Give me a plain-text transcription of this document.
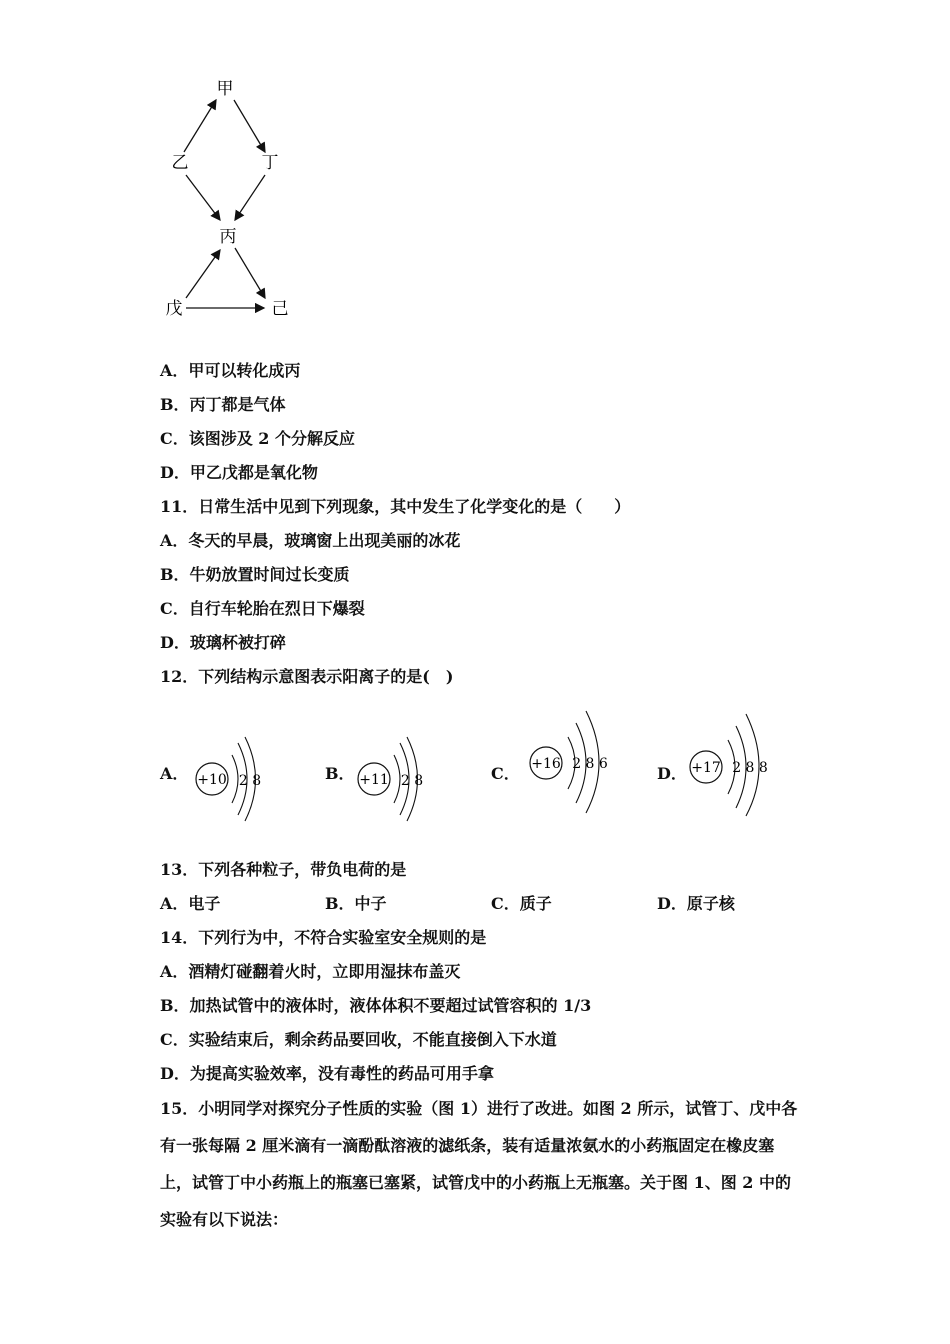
甲
乙	丁
丙
戊	己
A．甲可以转化成丙
B．丙丁都是气体
C．该图涉及 2 个分解反应
D．甲乙戊都是氧化物
11．日常生活中见到下列现象，其中发生了化学变化的是（　　）
A．冬天的早晨，玻璃窗上出现美丽的冰花
B．牛奶放置时间过长变质
C．自行车轮胎在烈日下爆裂
D．玻璃杯被打碎
12．下列结构示意图表示阳离子的是(　)
A． +10 2 8	B． +11 2 8	C． +16 2 8 6	D． +17 2 8 8
13．下列各种粒子，带负电荷的是
A．电子	B．中子	C．质子	D．原子核
14．下列行为中，不符合实验室安全规则的是
A．酒精灯碰翻着火时，立即用湿抹布盖灭
B．加热试管中的液体时，液体体积不要超过试管容积的 1/3
C．实验结束后，剩余药品要回收，不能直接倒入下水道
D．为提高实验效率，没有毒性的药品可用手拿
15．小明同学对探究分子性质的实验（图 1）进行了改进。如图 2 所示，试管丁、戊中各有一张每隔 2 厘米滴有一滴酚酞溶液的滤纸条，装有适量浓氨水的小药瓶固定在橡皮塞上，试管丁中小药瓶上的瓶塞已塞紧，试管戊中的小药瓶上无瓶塞。关于图 1、图 2 中的实验有以下说法：
